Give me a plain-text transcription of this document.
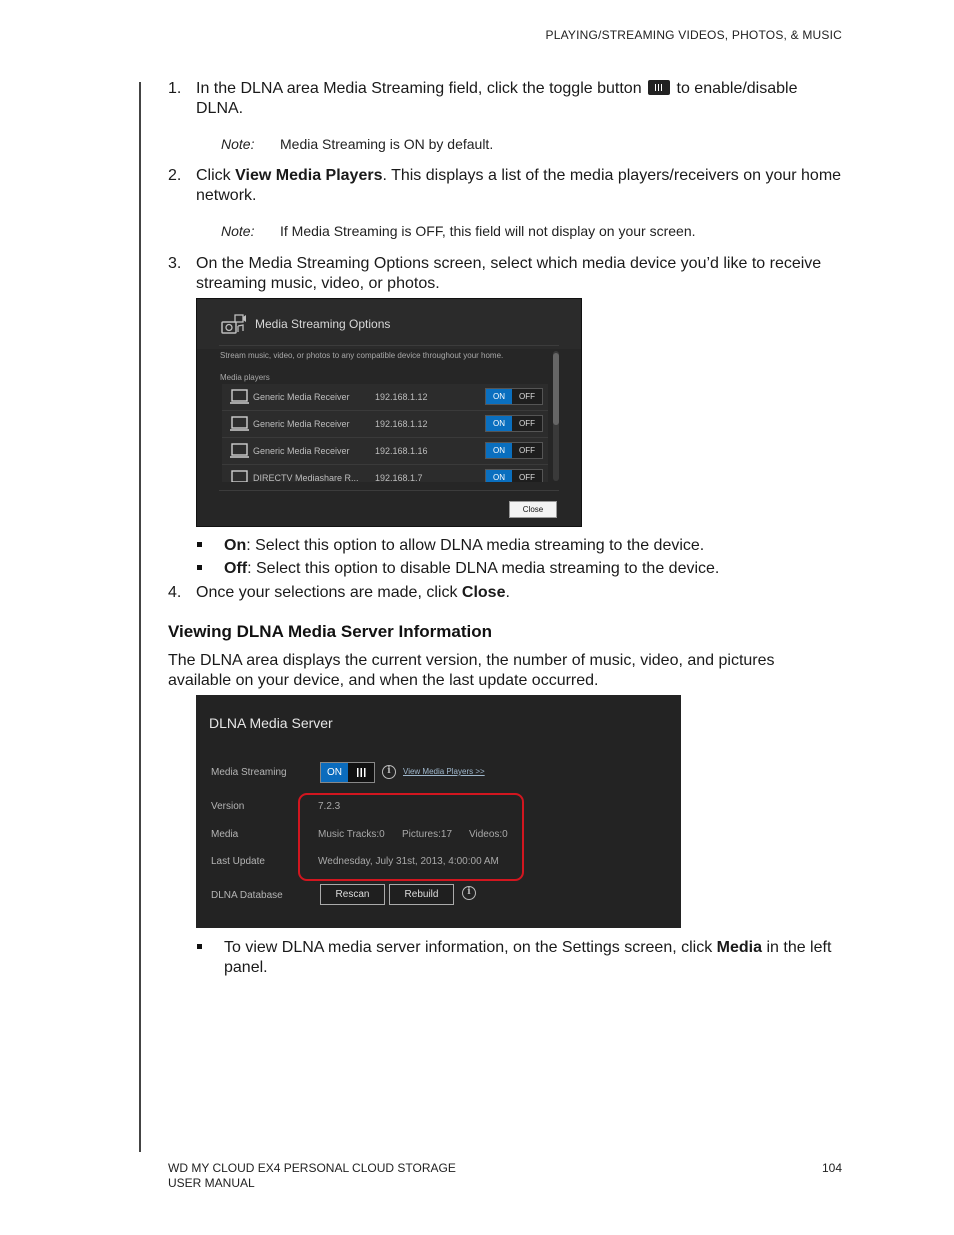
PLAYING/STREAMING VIDEOS, PHOTOS, & MUSIC
1. In the DLNA area Media Streaming field, click the toggle button to enable/disable DLNA.
Note: Media Streaming is ON by default.
2. Click View Media Players. This displays a list of the media players/receivers on your home network.
Note: If Media Streaming is OFF, this field will not display on your screen.
3. On the Media Streaming Options screen, select which media device you’d like to receive streaming music, video, or photos.
Media Streaming Options
Stream music, video, or photos to any compatible device throughout your home.
Media players
Generic Media Receiver	192.168.1.12	ON	OFF
Generic Media Receiver	192.168.1.12	ON	OFF
Generic Media Receiver	192.168.1.16	ON	OFF
DIRECTV Mediashare R... 192.168.1.7	ON	OFF
Close
On: Select this option to allow DLNA media streaming to the device.
Off: Select this option to disable DLNA media streaming to the device.
4. Once your selections are made, click Close.
Viewing DLNA Media Server Information
The DLNA area displays the current version, the number of music, video, and pictures available on your device, and when the last update occurred.
DLNA Media Server
Media Streaming	ON	i	View Media Players >>
Version	7.2.3
Media	Music Tracks:0 Pictures:17 Videos:0
Last Update	Wednesday, July 31st, 2013, 4:00:00 AM
DLNA Database	Rescan	Rebuild	i
To view DLNA media server information, on the Settings screen, click Media in the left panel.
WD MY CLOUD EX4 PERSONAL CLOUD STORAGE
USER MANUAL
104
